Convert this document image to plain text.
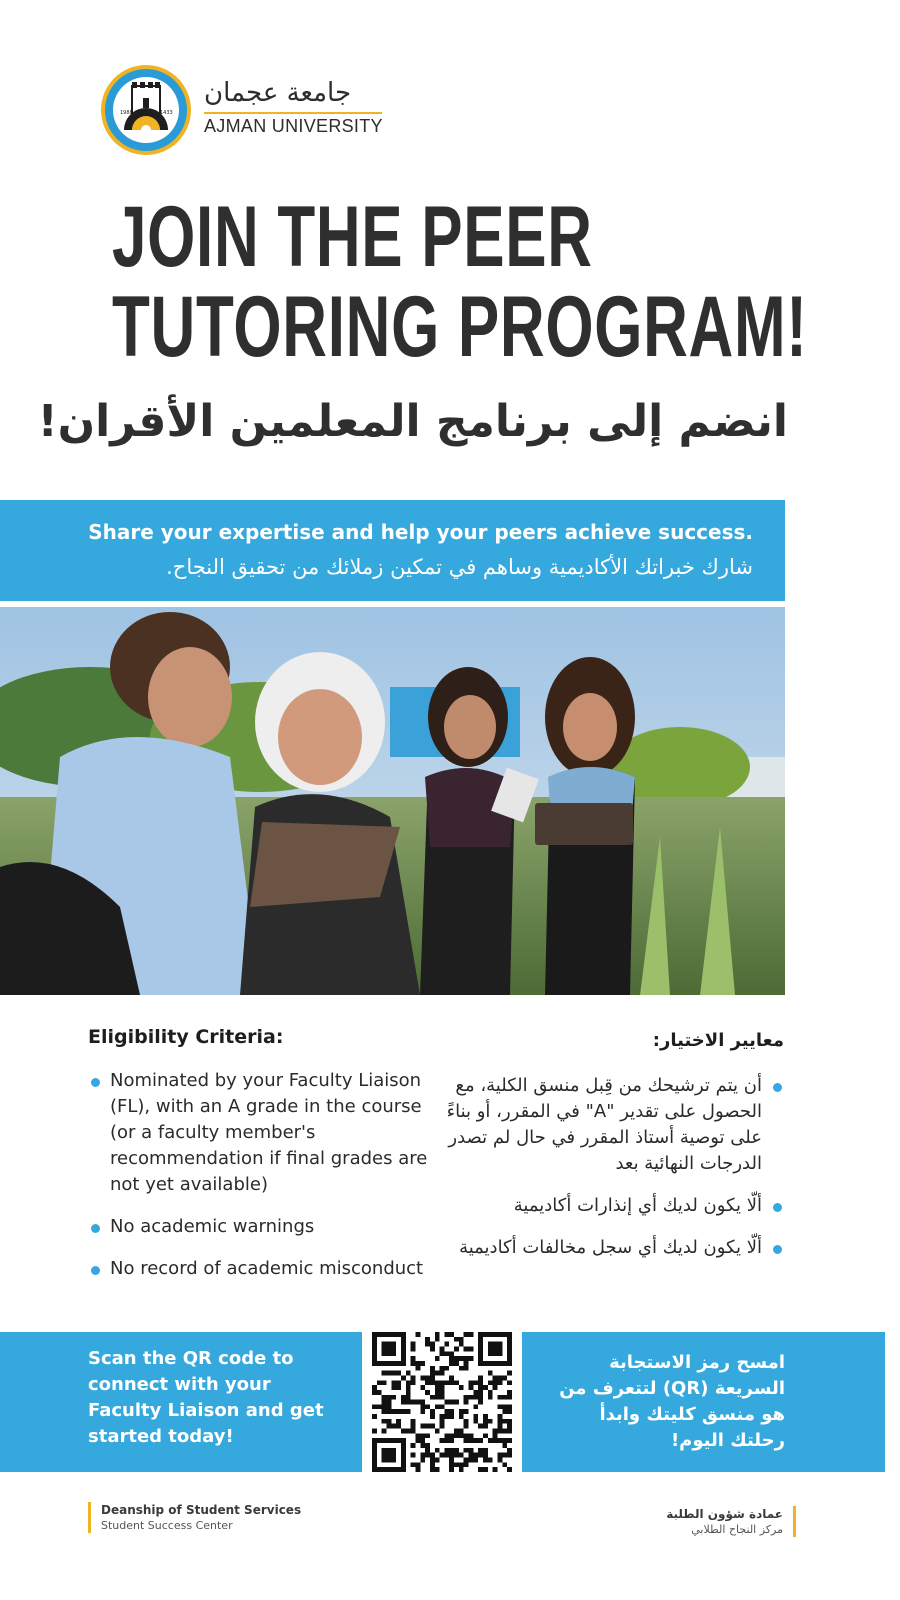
1988	1433
جامعة عجمان
AJMAN UNIVERSITY
JOIN THE PEER
TUTORING PROGRAM!
انضم إلى برنامج المعلمين الأقران!
Share your expertise and help your peers achieve success.
شارك خبراتك الأكاديمية وساهم في تمكين زملائك من تحقيق النجاح.
Eligibility Criteria:
Nominated by your Faculty Liaison (FL), with an A grade in the course (or a faculty member's recommendation if final grades are not yet available)
No academic warnings
No record of academic misconduct
معايير الاختيار:
أن يتم ترشيحك من قِبل منسق الكلية، مع الحصول على تقدير "A" في المقرر، أو بناءً على توصية أستاذ المقرر في حال لم تصدر الدرجات النهائية بعد
ألّا يكون لديك أي إنذارات أكاديمية
ألّا يكون لديك أي سجل مخالفات أكاديمية
Scan the QR code to connect with your Faculty Liaison and get started today!
امسح رمز الاستجابة السريعة (QR) لتتعرف من هو منسق كليتك وابدأ رحلتك اليوم!
Deanship of Student Services
Student Success Center
عمادة شؤون الطلبة
مركز النجاح الطلابي
